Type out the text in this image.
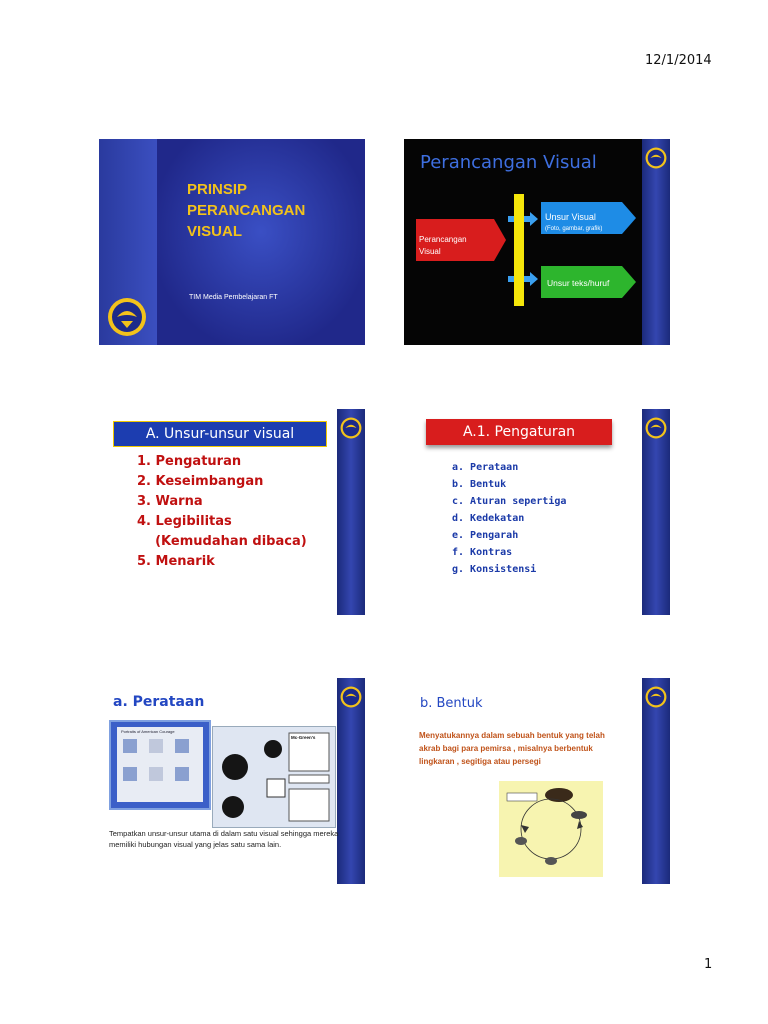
12/1/2014
PRINSIP
PERANCANGAN
VISUAL
TIM Media Pembelajaran FT
Perancangan Visual
Perancangan
Visual
Unsur Visual
(Foto, gambar, grafik)
Unsur teks/huruf
A. Unsur-unsur visual
1. Pengaturan
2. Keseimbangan
3. Warna
4. Legibilitas
(Kemudahan dibaca)
5. Menarik
A.1. Pengaturan
a. Perataan
b. Bentuk
c. Aturan sepertiga
d. Kedekatan
e. Pengarah
f. Kontras
g. Konsistensi
a. Perataan
Portraits of American Courage
Mc-Green's
Tempatkan unsur-unsur utama di dalam satu visual sehingga mereka memiliki hubungan visual yang jelas satu sama lain.
b. Bentuk
Menyatukannya dalam sebuah bentuk yang telah akrab bagi para pemirsa , misalnya berbentuk lingkaran , segitiga atau persegi
1
